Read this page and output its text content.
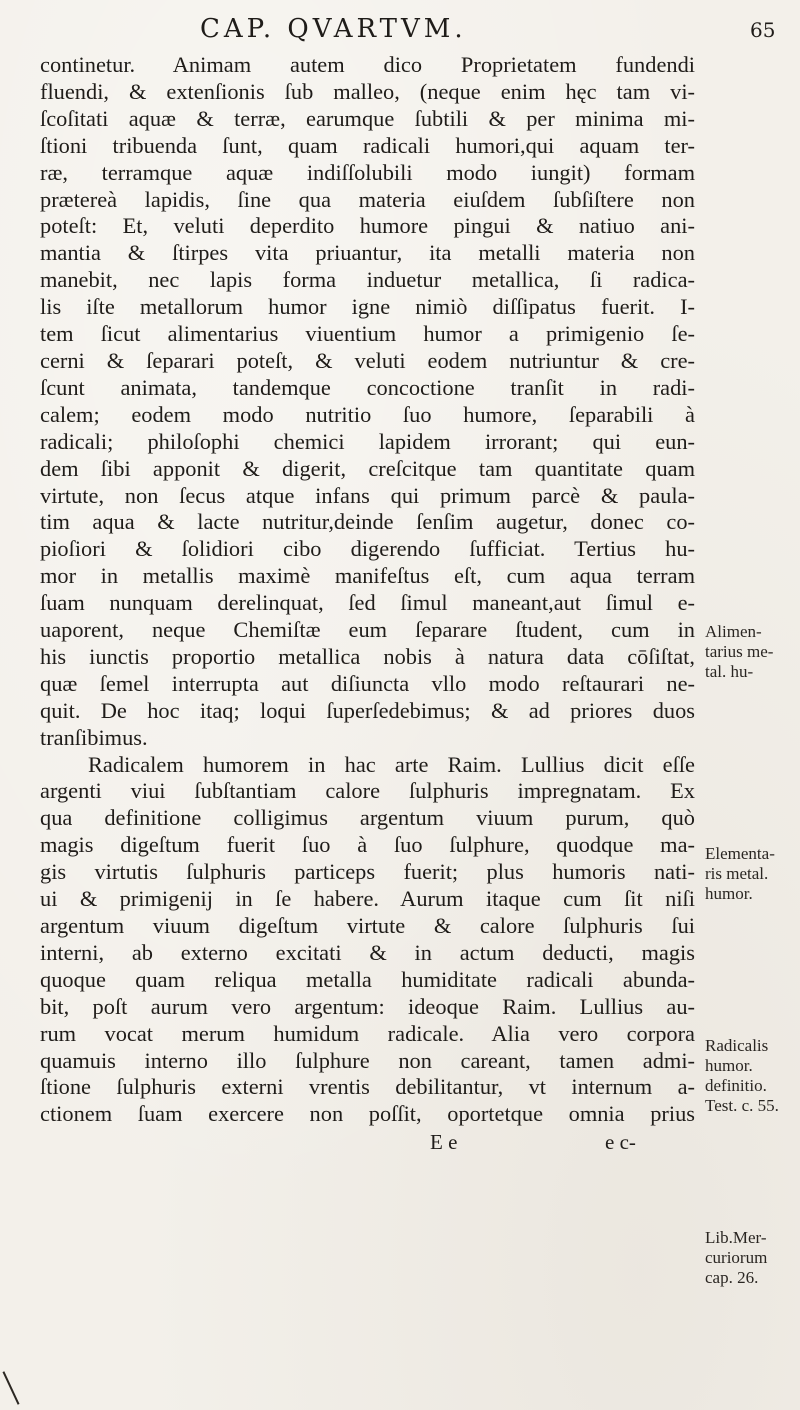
CAP. QVARTVM.	65
continetur. Animam autem dico Proprietatem fundendi
fluendi, & extenſionis ſub malleo, (neque enim hęc tam vi-
ſcoſitati aquæ & terræ, earumque ſubtili & per minima mi-
ſtioni tribuenda ſunt, quam radicali humori,qui aquam ter-
ræ, terramque aquæ indiſſolubili modo iungit) formam
prætereà lapidis, ſine qua materia eiuſdem ſubſiſtere non
poteſt: Et, veluti deperdito humore pingui & natiuo ani-
mantia & ſtirpes vita priuantur, ita metalli materia non
manebit, nec lapis forma induetur metallica, ſi radica-
lis iſte metallorum humor igne nimiò diſſipatus fuerit. I-
tem ſicut alimentarius viuentium humor a primigenio ſe-
cerni & ſeparari poteſt, & veluti eodem nutriuntur & cre-
ſcunt animata, tandemque concoctione tranſit in radi-
calem; eodem modo nutritio ſuo humore, ſeparabili à
radicali; philoſophi chemici lapidem irrorant; qui eun-
dem ſibi apponit & digerit, creſcitque tam quantitate quam
virtute, non ſecus atque infans qui primum parcè & paula-
tim aqua & lacte nutritur,deinde ſenſim augetur, donec co-
pioſiori & ſolidiori cibo digerendo ſufficiat. Tertius hu-
mor in metallis maximè manifeſtus eſt, cum aqua terram
ſuam nunquam derelinquat, ſed ſimul maneant,aut ſimul e-
uaporent, neque Chemiſtæ eum ſeparare ſtudent, cum in
his iunctis proportio metallica nobis à natura data cōſiſtat,
quæ ſemel interrupta aut diſiuncta vllo modo reſtaurari ne-
quit. De hoc itaq; loqui ſuperſedebimus; & ad priores duos
tranſibimus.
Radicalem humorem in hac arte Raim. Lullius dicit eſſe
argenti viui ſubſtantiam calore ſulphuris impregnatam. Ex
qua definitione colligimus argentum viuum purum, quò
magis digeſtum fuerit ſuo à ſuo ſulphure, quodque ma-
gis virtutis ſulphuris particeps fuerit; plus humoris nati-
ui & primigenij in ſe habere. Aurum itaque cum ſit niſi
argentum viuum digeſtum virtute & calore ſulphuris ſui
interni, ab externo excitati & in actum deducti, magis
quoque quam reliqua metalla humiditate radicali abunda-
bit, poſt aurum vero argentum: ideoque Raim. Lullius au-
rum vocat merum humidum radicale. Alia vero corpora
quamuis interno illo ſulphure non careant, tamen admi-
ſtione ſulphuris externi vrentis debilitantur, vt internum a-
ctionem ſuam exercere non poſſit, oportetque omnia prius
E e	e c-
Alimen-
tarius me-
tal. hu-
Elementa-
ris metal.
humor.
Radicalis
humor.
definitio.
Test. c. 55.
Lib.Mer-
curiorum
cap. 26.
